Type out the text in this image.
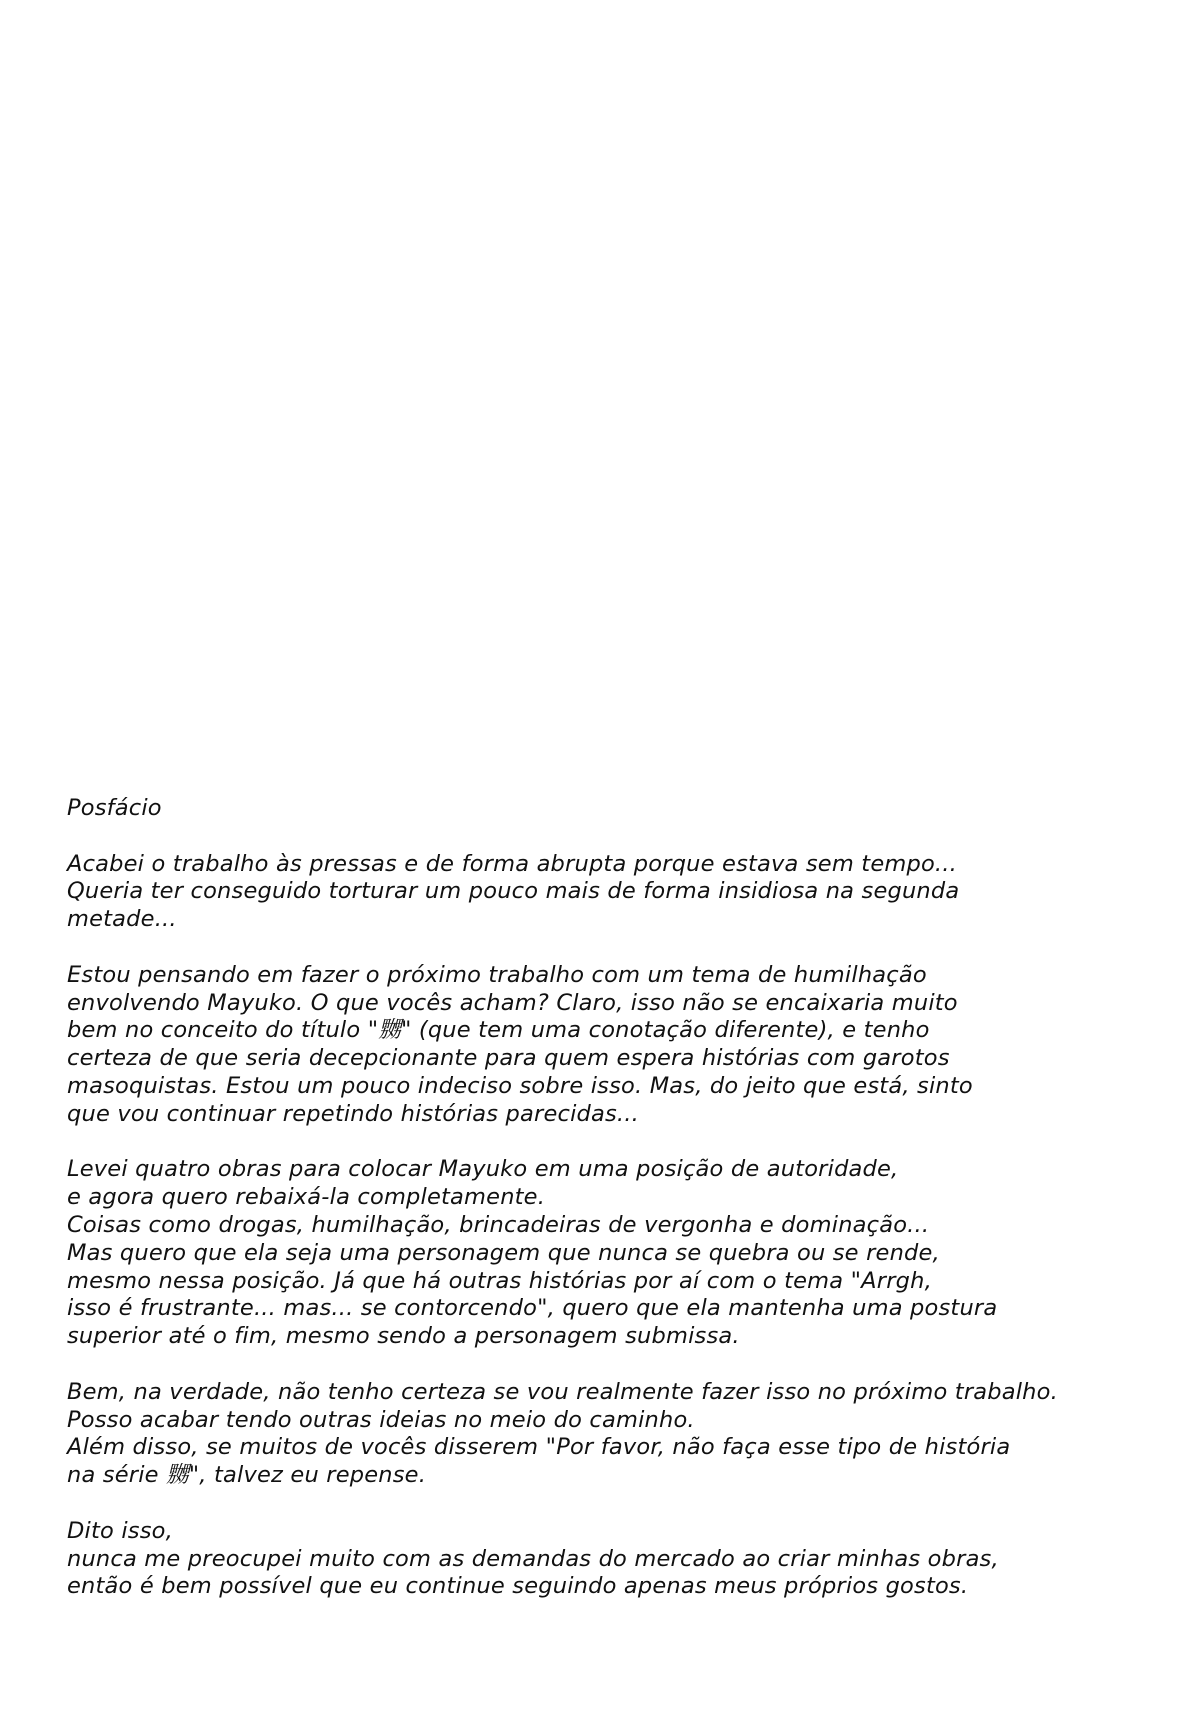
Posfácio
Acabei o trabalho às pressas e de forma abrupta porque estava sem tempo...
Queria ter conseguido torturar um pouco mais de forma insidiosa na segunda
metade...
Estou pensando em fazer o próximo trabalho com um tema de humilhação
envolvendo Mayuko. O que vocês acham? Claro, isso não se encaixaria muito
bem no conceito do título "嬲" (que tem uma conotação diferente), e tenho
certeza de que seria decepcionante para quem espera histórias com garotos
masoquistas. Estou um pouco indeciso sobre isso. Mas, do jeito que está, sinto
que vou continuar repetindo histórias parecidas...
Levei quatro obras para colocar Mayuko em uma posição de autoridade,
e agora quero rebaixá-la completamente.
Coisas como drogas, humilhação, brincadeiras de vergonha e dominação...
Mas quero que ela seja uma personagem que nunca se quebra ou se rende,
mesmo nessa posição. Já que há outras histórias por aí com o tema "Arrgh,
isso é frustrante... mas... se contorcendo", quero que ela mantenha uma postura
superior até o fim, mesmo sendo a personagem submissa.
Bem, na verdade, não tenho certeza se vou realmente fazer isso no próximo trabalho.
Posso acabar tendo outras ideias no meio do caminho.
Além disso, se muitos de vocês disserem "Por favor, não faça esse tipo de história
na série 嬲", talvez eu repense.
Dito isso,
nunca me preocupei muito com as demandas do mercado ao criar minhas obras,
então é bem possível que eu continue seguindo apenas meus próprios gostos.
